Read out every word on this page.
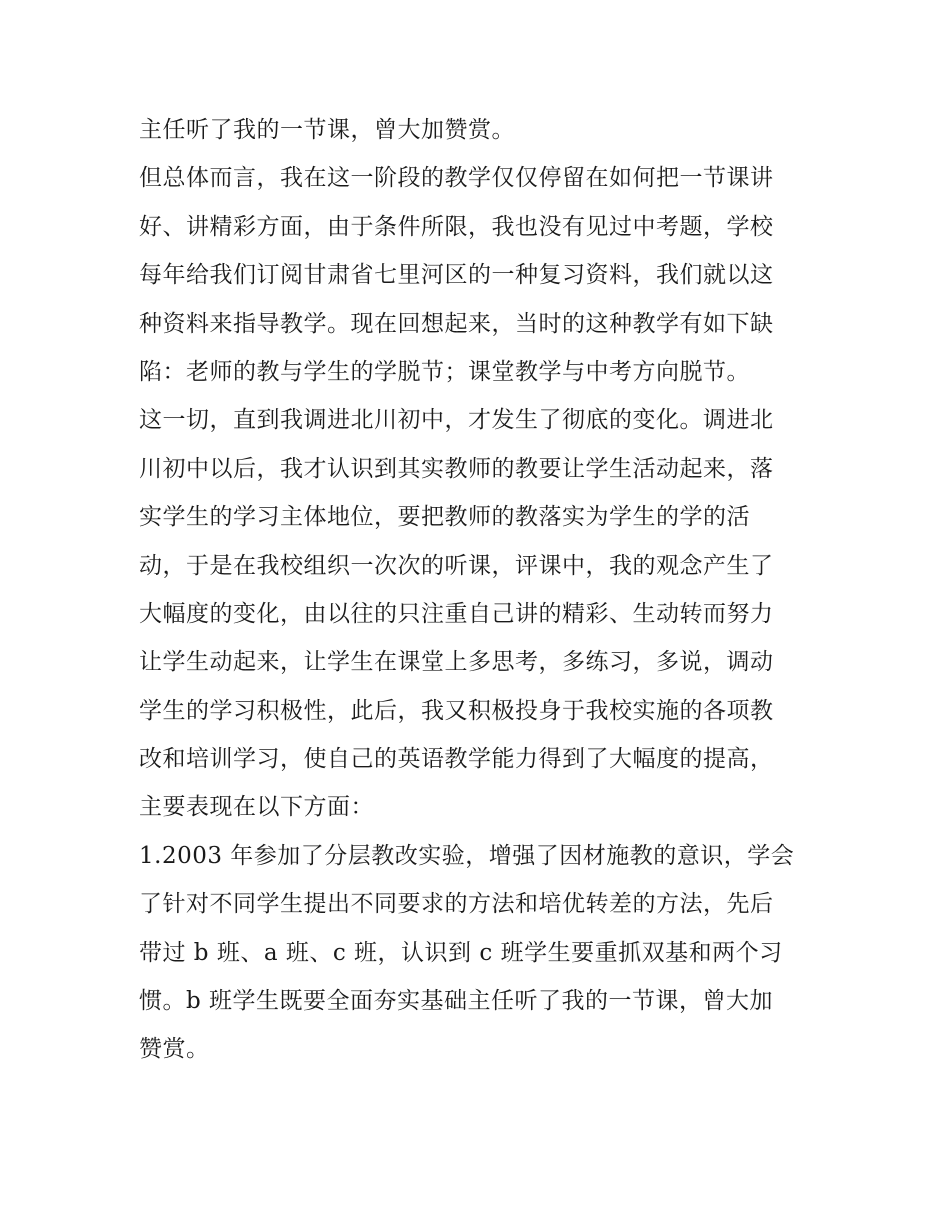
主任听了我的一节课，曾大加赞赏。
但总体而言，我在这一阶段的教学仅仅停留在如何把一节课讲
好、讲精彩方面，由于条件所限，我也没有见过中考题，学校
每年给我们订阅甘肃省七里河区的一种复习资料，我们就以这
种资料来指导教学。现在回想起来，当时的这种教学有如下缺
陷：老师的教与学生的学脱节；课堂教学与中考方向脱节。
这一切，直到我调进北川初中，才发生了彻底的变化。调进北
川初中以后，我才认识到其实教师的教要让学生活动起来，落
实学生的学习主体地位，要把教师的教落实为学生的学的活
动，于是在我校组织一次次的听课，评课中，我的观念产生了
大幅度的变化，由以往的只注重自己讲的精彩、生动转而努力
让学生动起来，让学生在课堂上多思考，多练习，多说，调动
学生的学习积极性，此后，我又积极投身于我校实施的各项教
改和培训学习，使自己的英语教学能力得到了大幅度的提高，
主要表现在以下方面：
1.2003 年参加了分层教改实验，增强了因材施教的意识，学会
了针对不同学生提出不同要求的方法和培优转差的方法，先后
带过 b 班、a 班、c 班，认识到 c 班学生要重抓双基和两个习
惯。b 班学生既要全面夯实基础主任听了我的一节课，曾大加
赞赏。
